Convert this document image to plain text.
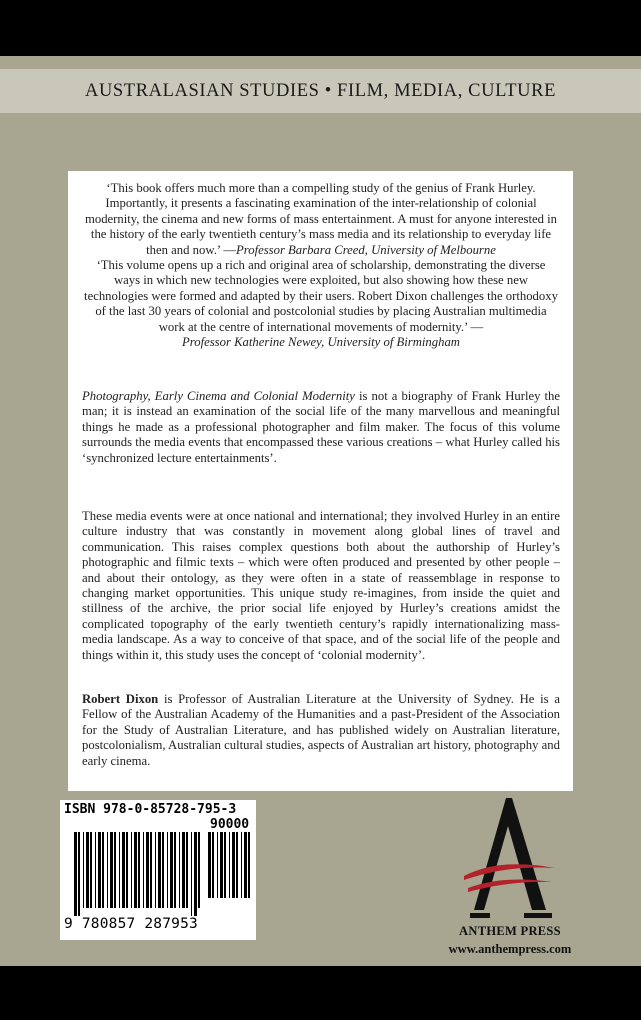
AUSTRALASIAN STUDIES • FILM, MEDIA, CULTURE
‘This book offers much more than a compelling study of the genius of Frank Hurley. Importantly, it presents a fascinating examination of the inter-relationship of colonial modernity, the cinema and new forms of mass entertainment. A must for anyone interested in the history of the early twentieth century’s mass media and its relationship to everyday life then and now.’ —Professor Barbara Creed, University of Melbourne
‘This volume opens up a rich and original area of scholarship, demonstrating the diverse ways in which new technologies were exploited, but also showing how these new technologies were formed and adapted by their users. Robert Dixon challenges the orthodoxy of the last 30 years of colonial and postcolonial studies by placing Australian multimedia work at the centre of international movements of modernity.’ —
Professor Katherine Newey, University of Birmingham
Photography, Early Cinema and Colonial Modernity is not a biography of Frank Hurley the man; it is instead an examination of the social life of the many marvellous and meaningful things he made as a professional photographer and film maker. The focus of this volume surrounds the media events that encompassed these various creations – what Hurley called his ‘synchronized lecture entertainments’.
These media events were at once national and international; they involved Hurley in an entire culture industry that was constantly in movement along global lines of travel and communication. This raises complex questions both about the authorship of Hurley’s photographic and filmic texts – which were often produced and presented by other people – and about their ontology, as they were often in a state of reassemblage in response to changing market opportunities. This unique study re-imagines, from inside the quiet and stillness of the archive, the prior social life enjoyed by Hurley’s creations amidst the complicated topography of the early twentieth century’s rapidly internationalizing mass-media landscape. As a way to conceive of that space, and of the social life of the people and things within it, this study uses the concept of ‘colonial modernity’.
Robert Dixon is Professor of Australian Literature at the University of Sydney. He is a Fellow of the Australian Academy of the Humanities and a past-President of the Association for the Study of Australian Literature, and has published widely on Australian literature, postcolonialism, Australian cultural studies, aspects of Australian art history, photography and early cinema.
ISBN 978-0-85728-795-3
90000
9 780857 287953	ANTHEM PRESS
www.anthempress.com
